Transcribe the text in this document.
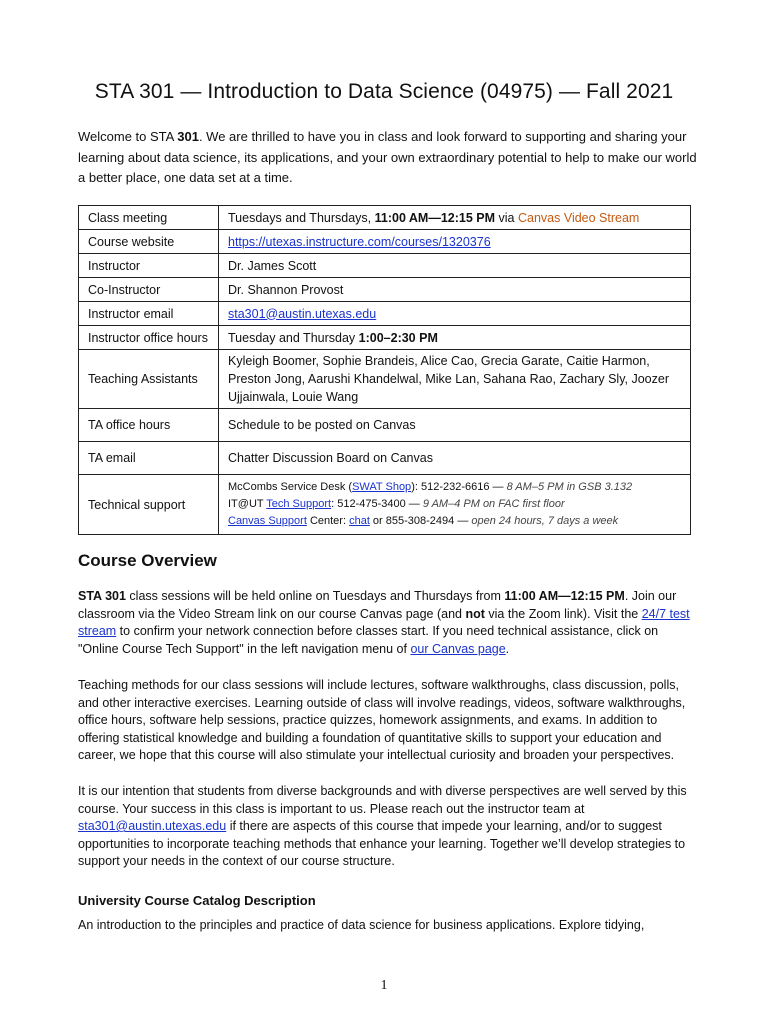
STA 301 — Introduction to Data Science (04975) — Fall 2021
Welcome to STA 301. We are thrilled to have you in class and look forward to supporting and sharing your learning about data science, its applications, and your own extraordinary potential to help to make our world a better place, one data set at a time.
Class meeting	Tuesdays and Thursdays, 11:00 AM—12:15 PM via Canvas Video Stream
Course website	https://utexas.instructure.com/courses/1320376
Instructor	Dr. James Scott
Co-Instructor	Dr. Shannon Provost
Instructor email	sta301@austin.utexas.edu
Instructor office hours	Tuesday and Thursday 1:00–2:30 PM
Teaching Assistants	Kyleigh Boomer, Sophie Brandeis, Alice Cao, Grecia Garate, Caitie Harmon, Preston Jong, Aarushi Khandelwal, Mike Lan, Sahana Rao, Zachary Sly, Joozer Ujjainwala, Louie Wang
TA office hours	Schedule to be posted on Canvas
TA email	Chatter Discussion Board on Canvas
Technical support	McCombs Service Desk (SWAT Shop): 512-232-6616 — 8 AM–5 PM in GSB 3.132
IT@UT Tech Support: 512-475-3400 — 9 AM–4 PM on FAC first floor
Canvas Support Center: chat or 855-308-2494 — open 24 hours, 7 days a week
Course Overview

STA 301 class sessions will be held online on Tuesdays and Thursdays from 11:00 AM—12:15 PM. Join our classroom via the Video Stream link on our course Canvas page (and not via the Zoom link). Visit the 24/7 test stream to confirm your network connection before classes start. If you need technical assistance, click on "Online Course Tech Support" in the left navigation menu of our Canvas page.

Teaching methods for our class sessions will include lectures, software walkthroughs, class discussion, polls, and other interactive exercises. Learning outside of class will involve readings, videos, software walkthroughs, office hours, software help sessions, practice quizzes, homework assignments, and exams. In addition to offering statistical knowledge and building a foundation of quantitative skills to support your education and career, we hope that this course will also stimulate your intellectual curiosity and broaden your perspectives.

It is our intention that students from diverse backgrounds and with diverse perspectives are well served by this course. Your success in this class is important to us. Please reach out the instructor team at sta301@austin.utexas.edu if there are aspects of this course that impede your learning, and/or to suggest opportunities to incorporate teaching methods that enhance your learning. Together we’ll develop strategies to support your needs in the context of our course structure.

University Course Catalog Description

An introduction to the principles and practice of data science for business applications. Explore tidying,

1
